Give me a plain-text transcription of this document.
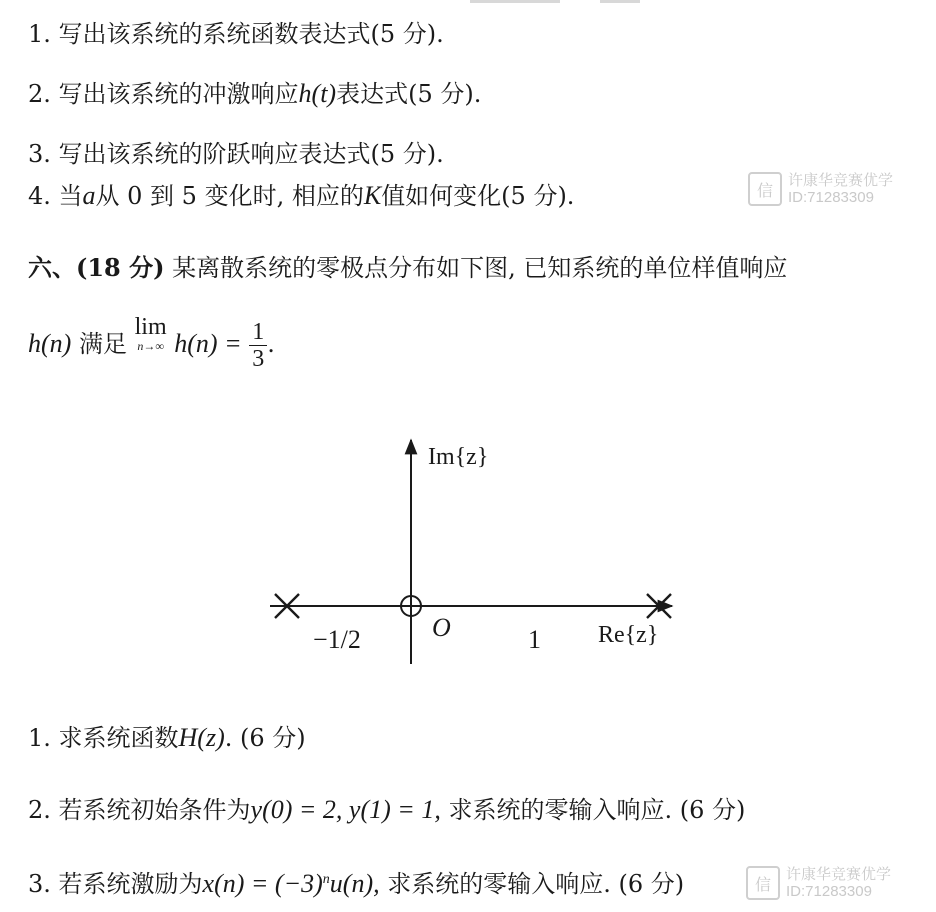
1. 写出该系统的系统函数表达式(5 分).
2. 写出该系统的冲激响应h(t)表达式(5 分).
3. 写出该系统的阶跃响应表达式(5 分).
4. 当a从 0 到 5 变化时, 相应的K值如何变化(5 分).	信
许康华竞赛优学
ID:71283309
六、(18 分) 某离散系统的零极点分布如下图, 已知系统的单位样值响应
h(n) 满足
lim
n→∞ $h(n) = \frac{1}{3}$ .
Im{z}
Re{z}
O
−1/2	1
1. 求系统函数H(z). (6 分)
2. 若系统初始条件为y(0) = 2, y(1) = 1, 求系统的零输入响应. (6 分)
3. 若系统激励为$x(n) = (-3)^nu(n)$, 求系统的零输入响应. (6 分)	信
许康华竞赛优学
ID:71283309
